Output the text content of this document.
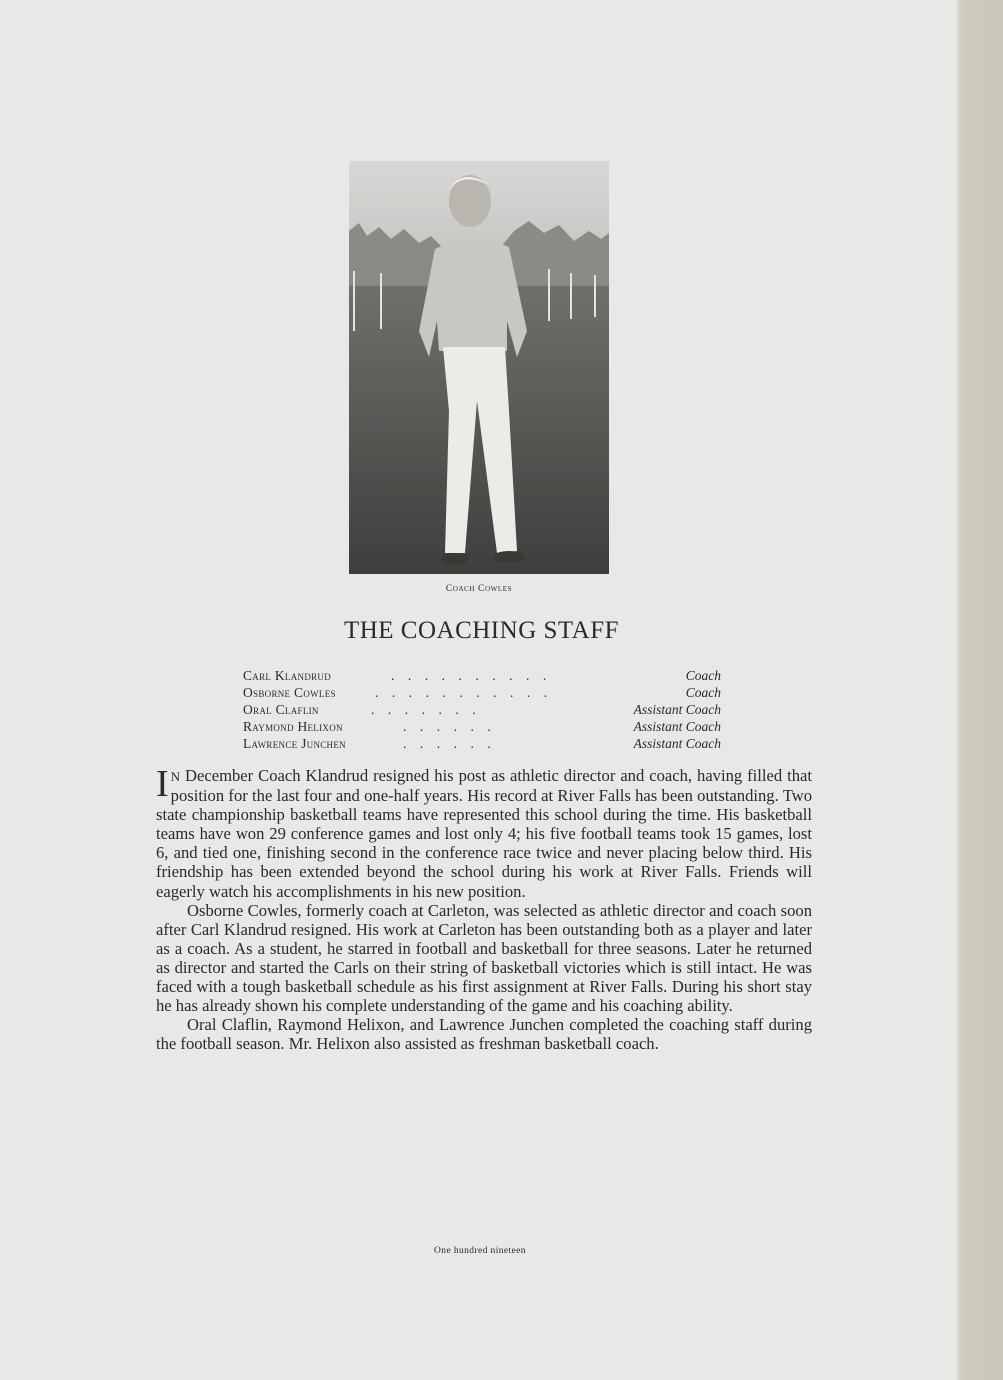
Coach Cowles
THE COACHING STAFF
Carl Klandrud	.    .    .    .    .    .    .    .    .    .	Coach
Osborne Cowles	.    .    .    .    .    .    .    .    .    .    .	Coach
Oral Claflin	.    .    .    .    .    .    .	Assistant Coach
Raymond Helixon	.    .    .    .    .    .	Assistant Coach
Lawrence Junchen	.    .    .    .    .    .	Assistant Coach

I N December Coach Klandrud resigned his post as athletic director and coach, having filled that position for the last four and one-half years. His record at River Falls has been outstanding. Two state championship basketball teams have represented this school during the time. His basketball teams have won 29 conference games and lost only 4; his five football teams took 15 games, lost 6, and tied one, finishing second in the conference race twice and never placing below third. His friendship has been extended beyond the school during his work at River Falls. Friends will eagerly watch his accomplishments in his new position.

Osborne Cowles, formerly coach at Carleton, was selected as athletic director and coach soon after Carl Klandrud resigned. His work at Carleton has been outstanding both as a player and later as a coach. As a student, he starred in football and basketball for three seasons. Later he returned as director and started the Carls on their string of basketball victories which is still intact. He was faced with a tough basketball schedule as his first assignment at River Falls. During his short stay he has already shown his complete understanding of the game and his coaching ability.

Oral Claflin, Raymond Helixon, and Lawrence Junchen completed the coaching staff during the football season. Mr. Helixon also assisted as freshman basketball coach.

One hundred nineteen
